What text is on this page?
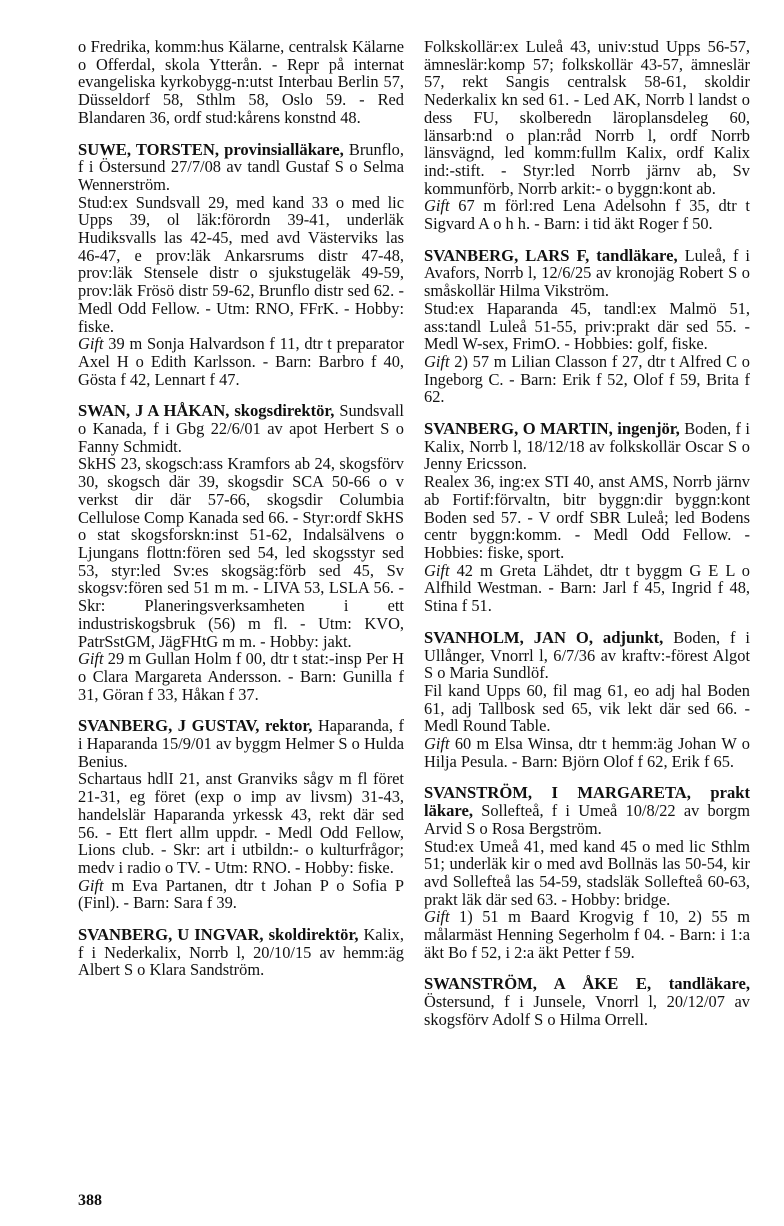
o Fredrika, komm:hus Kälarne, centralsk Kälarne o Offerdal, skola Ytterån. - Repr på internat evangeliska kyrkobygg-n:utst Interbau Berlin 57, Düsseldorf 58, Sthlm 58, Oslo 59. - Red Blandaren 36, ordf stud:kårens konstnd 48.

SUWE, TORSTEN, provinsialläkare, Brunflo, f i Östersund 27/7/08 av tandl Gustaf S o Selma Wennerström.

Stud:ex Sundsvall 29, med kand 33 o med lic Upps 39, ol läk:förordn 39-41, underläk Hudiksvalls las 42-45, med avd Västerviks las 46-47, e prov:läk Ankarsrums distr 47-48, prov:läk Stensele distr o sjukstugeläk 49-59, prov:läk Frösö distr 59-62, Brunflo distr sed 62. - Medl Odd Fellow. - Utm: RNO, FFrK. - Hobby: fiske.

Gift 39 m Sonja Halvardson f 11, dtr t preparator Axel H o Edith Karlsson. - Barn: Barbro f 40, Gösta f 42, Lennart f 47.

SWAN, J A HÅKAN, skogsdirektör, Sundsvall o Kanada, f i Gbg 22/6/01 av apot Herbert S o Fanny Schmidt.

SkHS 23, skogsch:ass Kramfors ab 24, skogsförv 30, skogsch där 39, skogsdir SCA 50-66 o v verkst dir där 57-66, skogsdir Columbia Cellulose Comp Kanada sed 66. - Styr:ordf SkHS o stat skogsforskn:inst 51-62, Indalsälvens o Ljungans flottn:fören sed 54, led skogsstyr sed 53, styr:led Sv:es skogsäg:förb sed 45, Sv skogsv:fören sed 51 m m. - LIVA 53, LSLA 56. - Skr: Planeringsverksamheten i ett industriskogsbruk (56) m fl. - Utm: KVO, PatrSstGM, JägFHtG m m. - Hobby: jakt.

Gift 29 m Gullan Holm f 00, dtr t stat:-insp Per H o Clara Margareta Andersson. - Barn: Gunilla f 31, Göran f 33, Håkan f 37.

SVANBERG, J GUSTAV, rektor, Haparanda, f i Haparanda 15/9/01 av byggm Helmer S o Hulda Benius.

Schartaus hdlI 21, anst Granviks sågv m fl föret 21-31, eg föret (exp o imp av livsm) 31-43, handelslär Haparanda yrkessk 43, rekt där sed 56. - Ett flert allm uppdr. - Medl Odd Fellow, Lions club. - Skr: art i utbildn:- o kulturfrågor; medv i radio o TV. - Utm: RNO. - Hobby: fiske.

Gift m Eva Partanen, dtr t Johan P o Sofia P (Finl). - Barn: Sara f 39.

SVANBERG, U INGVAR, skoldirektör, Kalix, f i Nederkalix, Norrb l, 20/10/15 av hemm:äg Albert S o Klara Sandström.

Folkskollär:ex Luleå 43, univ:stud Upps 56-57, ämneslär:komp 57; folkskollär 43-57, ämneslär 57, rekt Sangis centralsk 58-61, skoldir Nederkalix kn sed 61. - Led AK, Norrb l landst o dess FU, skolberedn läroplansdeleg 60, länsarb:nd o plan:råd Norrb l, ordf Norrb länsvägnd, led komm:fullm Kalix, ordf Kalix ind:-stift. - Styr:led Norrb järnv ab, Sv kommunförb, Norrb arkit:- o byggn:kont ab.

Gift 67 m förl:red Lena Adelsohn f 35, dtr t Sigvard A o h h. - Barn: i tid äkt Roger f 50.

SVANBERG, LARS F, tandläkare, Luleå, f i Avafors, Norrb l, 12/6/25 av kronojäg Robert S o småskollär Hilma Vikström.

Stud:ex Haparanda 45, tandl:ex Malmö 51, ass:tandl Luleå 51-55, priv:prakt där sed 55. - Medl W-sex, FrimO. - Hobbies: golf, fiske.

Gift 2) 57 m Lilian Classon f 27, dtr t Alfred C o Ingeborg C. - Barn: Erik f 52, Olof f 59, Brita f 62.

SVANBERG, O MARTIN, ingenjör, Boden, f i Kalix, Norrb l, 18/12/18 av folkskollär Oscar S o Jenny Ericsson.

Realex 36, ing:ex STI 40, anst AMS, Norrb järnv ab Fortif:förvaltn, bitr byggn:dir byggn:kont Boden sed 57. - V ordf SBR Luleå; led Bodens centr byggn:komm. - Medl Odd Fellow. - Hobbies: fiske, sport.

Gift 42 m Greta Lähdet, dtr t byggm G E L o Alfhild Westman. - Barn: Jarl f 45, Ingrid f 48, Stina f 51.

SVANHOLM, JAN O, adjunkt, Boden, f i Ullånger, Vnorrl l, 6/7/36 av kraftv:-förest Algot S o Maria Sundlöf.

Fil kand Upps 60, fil mag 61, eo adj hal Boden 61, adj Tallbosk sed 65, vik lekt där sed 66. - Medl Round Table.

Gift 60 m Elsa Winsa, dtr t hemm:äg Johan W o Hilja Pesula. - Barn: Björn Olof f 62, Erik f 65.

SVANSTRÖM, I MARGARETA, prakt läkare, Sollefteå, f i Umeå 10/8/22 av borgm Arvid S o Rosa Bergström.

Stud:ex Umeå 41, med kand 45 o med lic Sthlm 51; underläk kir o med avd Bollnäs las 50-54, kir avd Sollefteå las 54-59, stadsläk Sollefteå 60-63, prakt läk där sed 63. - Hobby: bridge.

Gift 1) 51 m Baard Krogvig f 10, 2) 55 m målarmäst Henning Segerholm f 04. - Barn: i 1:a äkt Bo f 52, i 2:a äkt Petter f 59.

SWANSTRÖM, A ÅKE E, tandläkare, Östersund, f i Junsele, Vnorrl l, 20/12/07 av skogsförv Adolf S o Hilma Orrell.

388
